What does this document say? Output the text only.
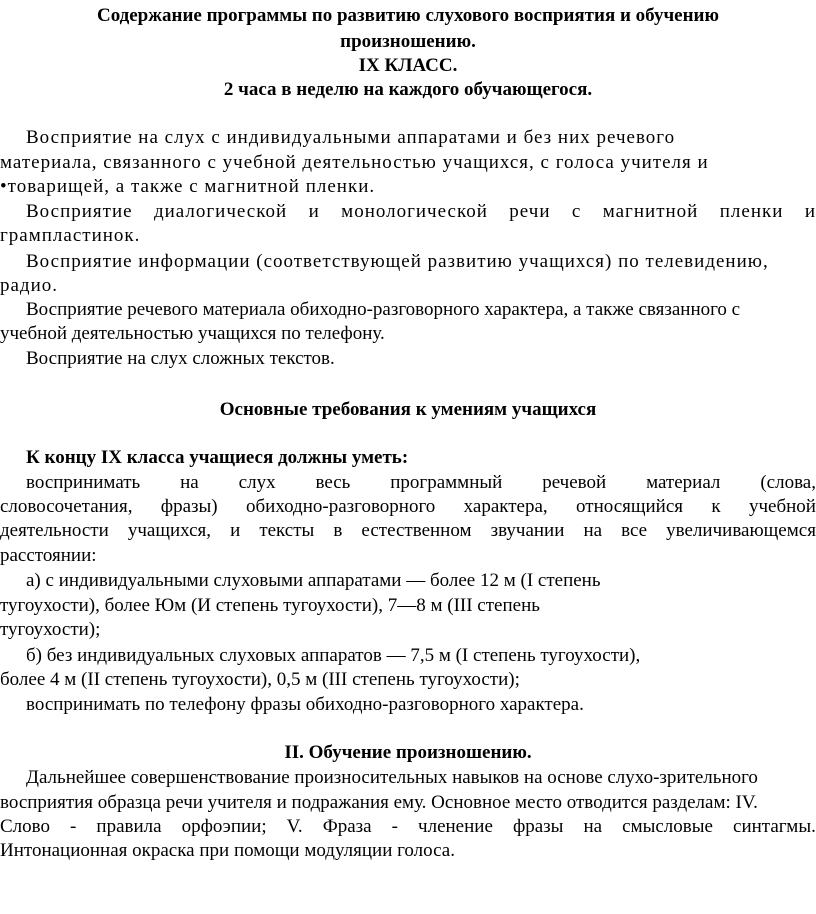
Содержание программы по развитию слухового восприятия и обучению
произношению.
IX КЛАСС.
2 часа в неделю на каждого обучающегося.
Восприятие на слух с индивидуальными аппаратами и без них речевого
материала, связанного с учебной деятельностью учащихся, с голоса учителя и
•товарищей, а также с магнитной пленки.
Восприятие диалогической и монологической речи с магнитной пленки и
грампластинок.
Восприятие информации (соответствующей развитию учащихся) по телевидению,
радио.
Восприятие речевого материала обиходно-разговорного характера, а также связанного с
учебной деятельностью учащихся по телефону.
Восприятие на слух сложных текстов.
Основные требования к умениям учащихся
К концу IX класса учащиеся должны уметь:
воспринимать на слух весь программный речевой материал (слова,
словосочетания, фразы) обиходно-разговорного характера, относящийся к учебной
деятельности учащихся, и тексты в естественном звучании на все увеличивающемся
расстоянии:
а) с индивидуальными слуховыми аппаратами — более 12 м (I степень
тугоухости), более Юм (И степень тугоухости), 7—8 м (III степень
тугоухости);
б) без индивидуальных слуховых аппаратов — 7,5 м (I степень тугоухости),
более 4 м (II степень тугоухости), 0,5 м (III степень тугоухости);
воспринимать по телефону фразы обиходно-разговорного характера.
II. Обучение произношению.
Дальнейшее совершенствование произносительных навыков на основе слухо-зрительного
восприятия образца речи учителя и подражания ему. Основное место отводится разделам: IV.
Слово - правила орфоэпии; V. Фраза - членение фразы на смысловые синтагмы.
Интонационная окраска при помощи модуляции голоса.
